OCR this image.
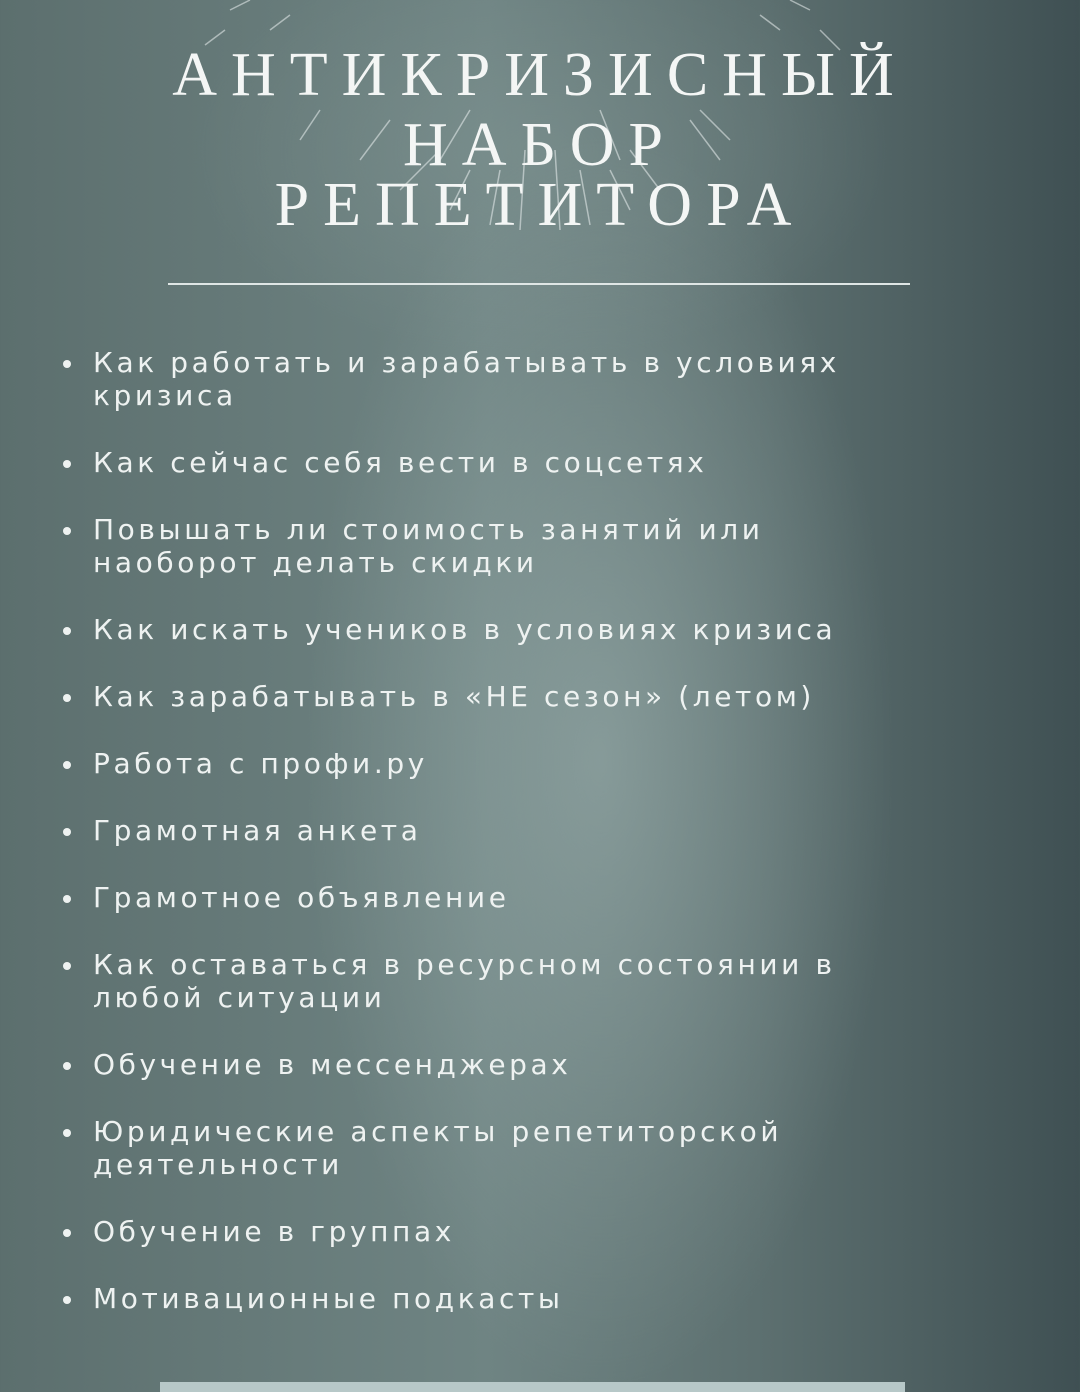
АНТИКРИЗИСНЫЙ
НАБОР
РЕПЕТИТОРА
Как работать и зарабатывать в условиях
кризиса
Как сейчас себя вести в соцсетях
Повышать ли стоимость занятий или
наоборот делать скидки
Как искать учеников в условиях кризиса
Как зарабатывать в «НЕ сезон» (летом)
Работа с профи.ру
Грамотная анкета
Грамотное объявление
Как оставаться в ресурсном состоянии в
любой ситуации
Обучение в мессенджерах
Юридические аспекты репетиторской
деятельности
Обучение в группах
Мотивационные подкасты
